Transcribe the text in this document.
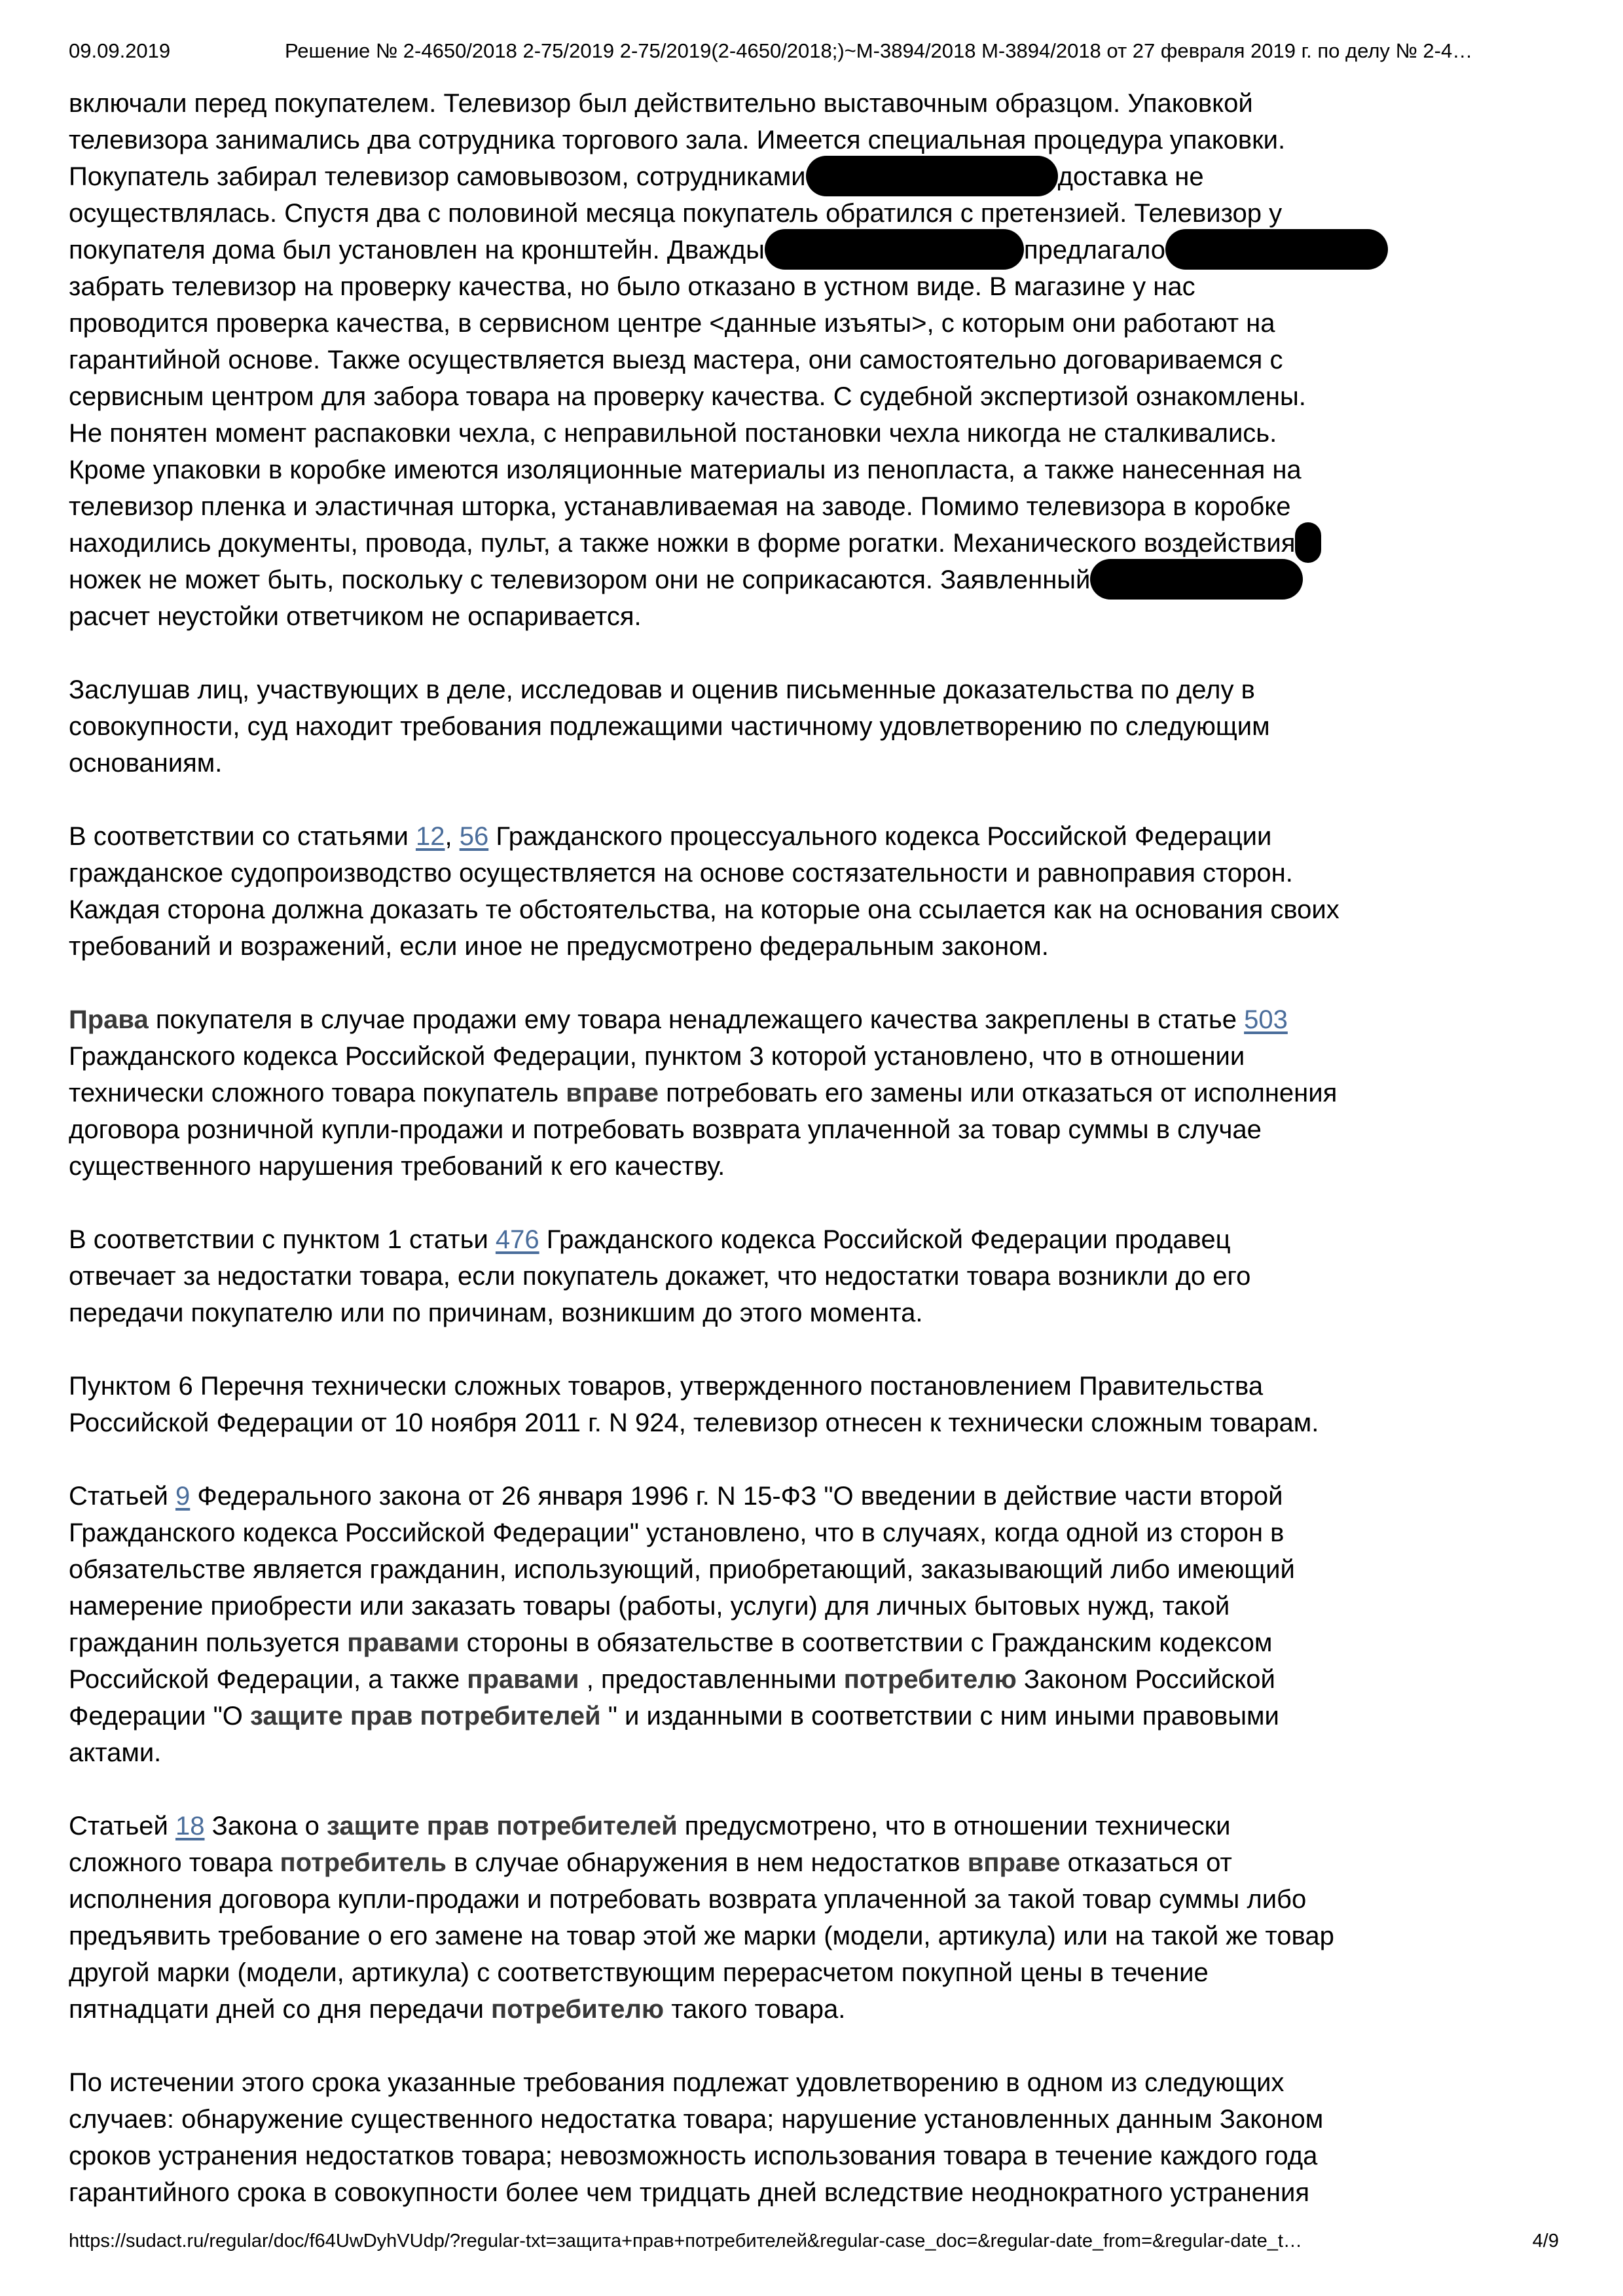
09.09.2019	Решение № 2-4650/2018 2-75/2019 2-75/2019(2-4650/2018;)~М-3894/2018 М-3894/2018 от 27 февраля 2019 г. по делу № 2-4…

включали перед покупателем. Телевизор был действительно выставочным образцом. Упаковкой
телевизора занимались два сотрудника торгового зала. Имеется специальная процедура упаковки.
Покупатель забирал телевизор самовывозом, сотрудниками	доставка не
осуществлялась. Спустя два с половиной месяца покупатель обратился с претензией. Телевизор у
покупателя дома был установлен на кронштейн. Дважды	предлагало
забрать телевизор на проверку качества, но было отказано в устном виде. В магазине у нас
проводится проверка качества, в сервисном центре <данные изъяты>, с которым они работают на
гарантийной основе. Также осуществляется выезд мастера, они самостоятельно договариваемся с
сервисным центром для забора товара на проверку качества. С судебной экспертизой ознакомлены.
Не понятен момент распаковки чехла, с неправильной постановки чехла никогда не сталкивались.
Кроме упаковки в коробке имеются изоляционные материалы из пенопласта, а также нанесенная на
телевизор пленка и эластичная шторка, устанавливаемая на заводе. Помимо телевизора в коробке
находились документы, провода, пульт, а также ножки в форме рогатки. Механического воздействия
ножек не может быть, поскольку с телевизором они не соприкасаются. Заявленный
расчет неустойки ответчиком не оспаривается.

Заслушав лиц, участвующих в деле, исследовав и оценив письменные доказательства по делу в
совокупности, суд находит требования подлежащими частичному удовлетворению по следующим
основаниям.

В соответствии со статьями 12, 56 Гражданского процессуального кодекса Российской Федерации
гражданское судопроизводство осуществляется на основе состязательности и равноправия сторон.
Каждая сторона должна доказать те обстоятельства, на которые она ссылается как на основания своих
требований и возражений, если иное не предусмотрено федеральным законом.

Права покупателя в случае продажи ему товара ненадлежащего качества закреплены в статье 503
Гражданского кодекса Российской Федерации, пунктом 3 которой установлено, что в отношении
технически сложного товара покупатель вправе потребовать его замены или отказаться от исполнения
договора розничной купли-продажи и потребовать возврата уплаченной за товар суммы в случае
существенного нарушения требований к его качеству.

В соответствии с пунктом 1 статьи 476 Гражданского кодекса Российской Федерации продавец
отвечает за недостатки товара, если покупатель докажет, что недостатки товара возникли до его
передачи покупателю или по причинам, возникшим до этого момента.

Пунктом 6 Перечня технически сложных товаров, утвержденного постановлением Правительства
Российской Федерации от 10 ноября 2011 г. N 924, телевизор отнесен к технически сложным товарам.

Статьей 9 Федерального закона от 26 января 1996 г. N 15-ФЗ "О введении в действие части второй
Гражданского кодекса Российской Федерации" установлено, что в случаях, когда одной из сторон в
обязательстве является гражданин, использующий, приобретающий, заказывающий либо имеющий
намерение приобрести или заказать товары (работы, услуги) для личных бытовых нужд, такой
гражданин пользуется правами стороны в обязательстве в соответствии с Гражданским кодексом
Российской Федерации, а также правами , предоставленными потребителю Законом Российской
Федерации "О защите прав потребителей " и изданными в соответствии с ним иными правовыми
актами.

Статьей 18 Закона о защите прав потребителей предусмотрено, что в отношении технически
сложного товара потребитель в случае обнаружения в нем недостатков вправе отказаться от
исполнения договора купли-продажи и потребовать возврата уплаченной за такой товар суммы либо
предъявить требование о его замене на товар этой же марки (модели, артикула) или на такой же товар
другой марки (модели, артикула) с соответствующим перерасчетом покупной цены в течение
пятнадцати дней со дня передачи потребителю такого товара.

По истечении этого срока указанные требования подлежат удовлетворению в одном из следующих
случаев: обнаружение существенного недостатка товара; нарушение установленных данным Законом
сроков устранения недостатков товара; невозможность использования товара в течение каждого года
гарантийного срока в совокупности более чем тридцать дней вследствие неоднократного устранения

https://sudact.ru/regular/doc/f64UwDyhVUdp/?regular-txt=защита+прав+потребителей&regular-case_doc=&regular-date_from=&regular-date_t…	4/9
